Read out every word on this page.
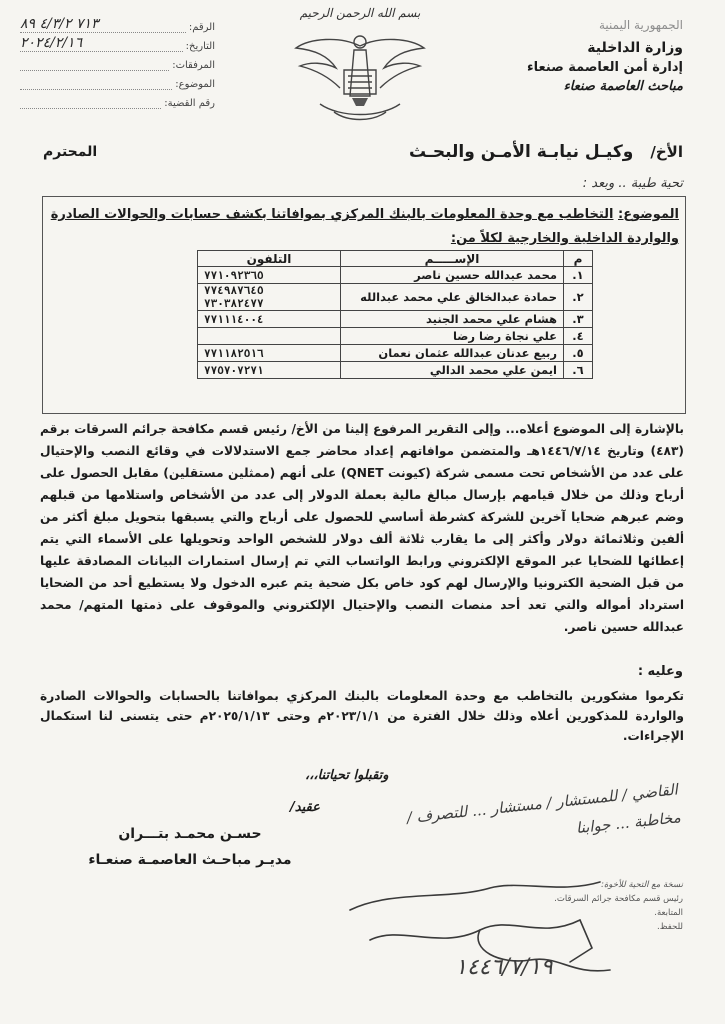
الجمهورية اليمنية
وزارة الداخلية
إدارة أمن العاصمة صنعاء
مباحث العاصمة صنعاء
بسم الله الرحمن الرحيم
الرقم:
۸۹ ٤/۳/۲ ۷۱۳
التاريخ:
۲۰۲٤/۲/۱٦
المرفقات:
الموضوع:
رقم القضية:
الأخ/ وكيـل نيابـة الأمـن والبحـث
المحترم
تحية طيبة .. وبعد :
الموضوع: التخاطب مع وحدة المعلومات بالبنك المركزي بموافاتنا بكشف حسابات والحوالات الصادرة والواردة الداخلية والخارجية لكلاً من:
م	الإســـــم	التلفون
١.	محمد عبدالله حسين ناصر	٧٧١٠٩٢٣٦٥

٢.	حمادة عبدالخالق علي محمد عبدالله	٧٧٤٩٨٧٦٤٥
٧٣٠٣٨٢٤٧٧

٣.	هشام علي محمد الجنيد	٧٧١١١٤٠٠٤

٤.	علي نجاة رضا رضا	

٥.	ربيع عدنان عبدالله عثمان نعمان	٧٧١١٨٢٥١٦

٦.	ايمن علي محمد الدالي	٧٧٥٧٠٧٢٧١
بالإشارة إلى الموضوع أعلاه... وإلى التقرير المرفوع إلينا من الأخ/ رئيس قسم مكافحة جرائم السرقات برقم (٤٨٣) وتاريخ ١٤٤٦/٧/١٤هـ والمتضمن موافاتهم إعداد محاضر جمع الاستدلالات في وقائع النصب والإحتيال على عدد من الأشخاص تحت مسمى شركة (كيونت QNET) على أنهم (ممثلين مستقلين) مقابل الحصول على أرباح وذلك من خلال قيامهم بإرسال مبالغ مالية بعملة الدولار إلى عدد من الأشخاص واستلامها من قبلهم وضم عبرهم ضحايا آخرين للشركة كشرطة أساسي للحصول على أرباح والتي يسبقها بتحويل مبلغ أكثر من ألفين وثلاثمائة دولار وأكثر إلى ما يقارب ثلاثة ألف دولار للشخص الواحد وتحويلها على الأسماء التي يتم إعطائها للضحايا عبر الموقع الإلكتروني ورابط الواتساب التي تم إرسال استمارات البيانات المصادقة عليها من قبل الضحية الكترونيا والإرسال لهم كود خاص بكل ضحية يتم عبره الدخول ولا يستطيع أحد من الضحايا استرداد أمواله والتي تعد أحد منصات النصب والإحتيال الإلكتروني والموقوف على ذمتها المتهم/ محمد عبدالله حسين ناصر.
وعليه :
تكرموا مشكورين بالتخاطب مع وحدة المعلومات بالبنك المركزي بموافاتنا بالحسابات والحوالات الصادرة والواردة للمذكورين أعلاه وذلك خلال الفترة من ٢٠٢٣/١/١م وحتى ٢٠٢٥/١/١٣م حتى يتسنى لنا استكمال الإجراءات.
وتقبلوا تحياتنا،،،
عقيد/
حسـن محمـد بتـــران
مديـر مباحـث العاصمـة صنعـاء
نسخة مع التحية للأخوة:
رئيس قسم مكافحة جرائم السرقات.
المتابعة.
للحفظ.
القاضي / للمستشار / مستشار ... للتصرف / مخاطبة ... جوابنا
١٤٤٦/٧/١٩
